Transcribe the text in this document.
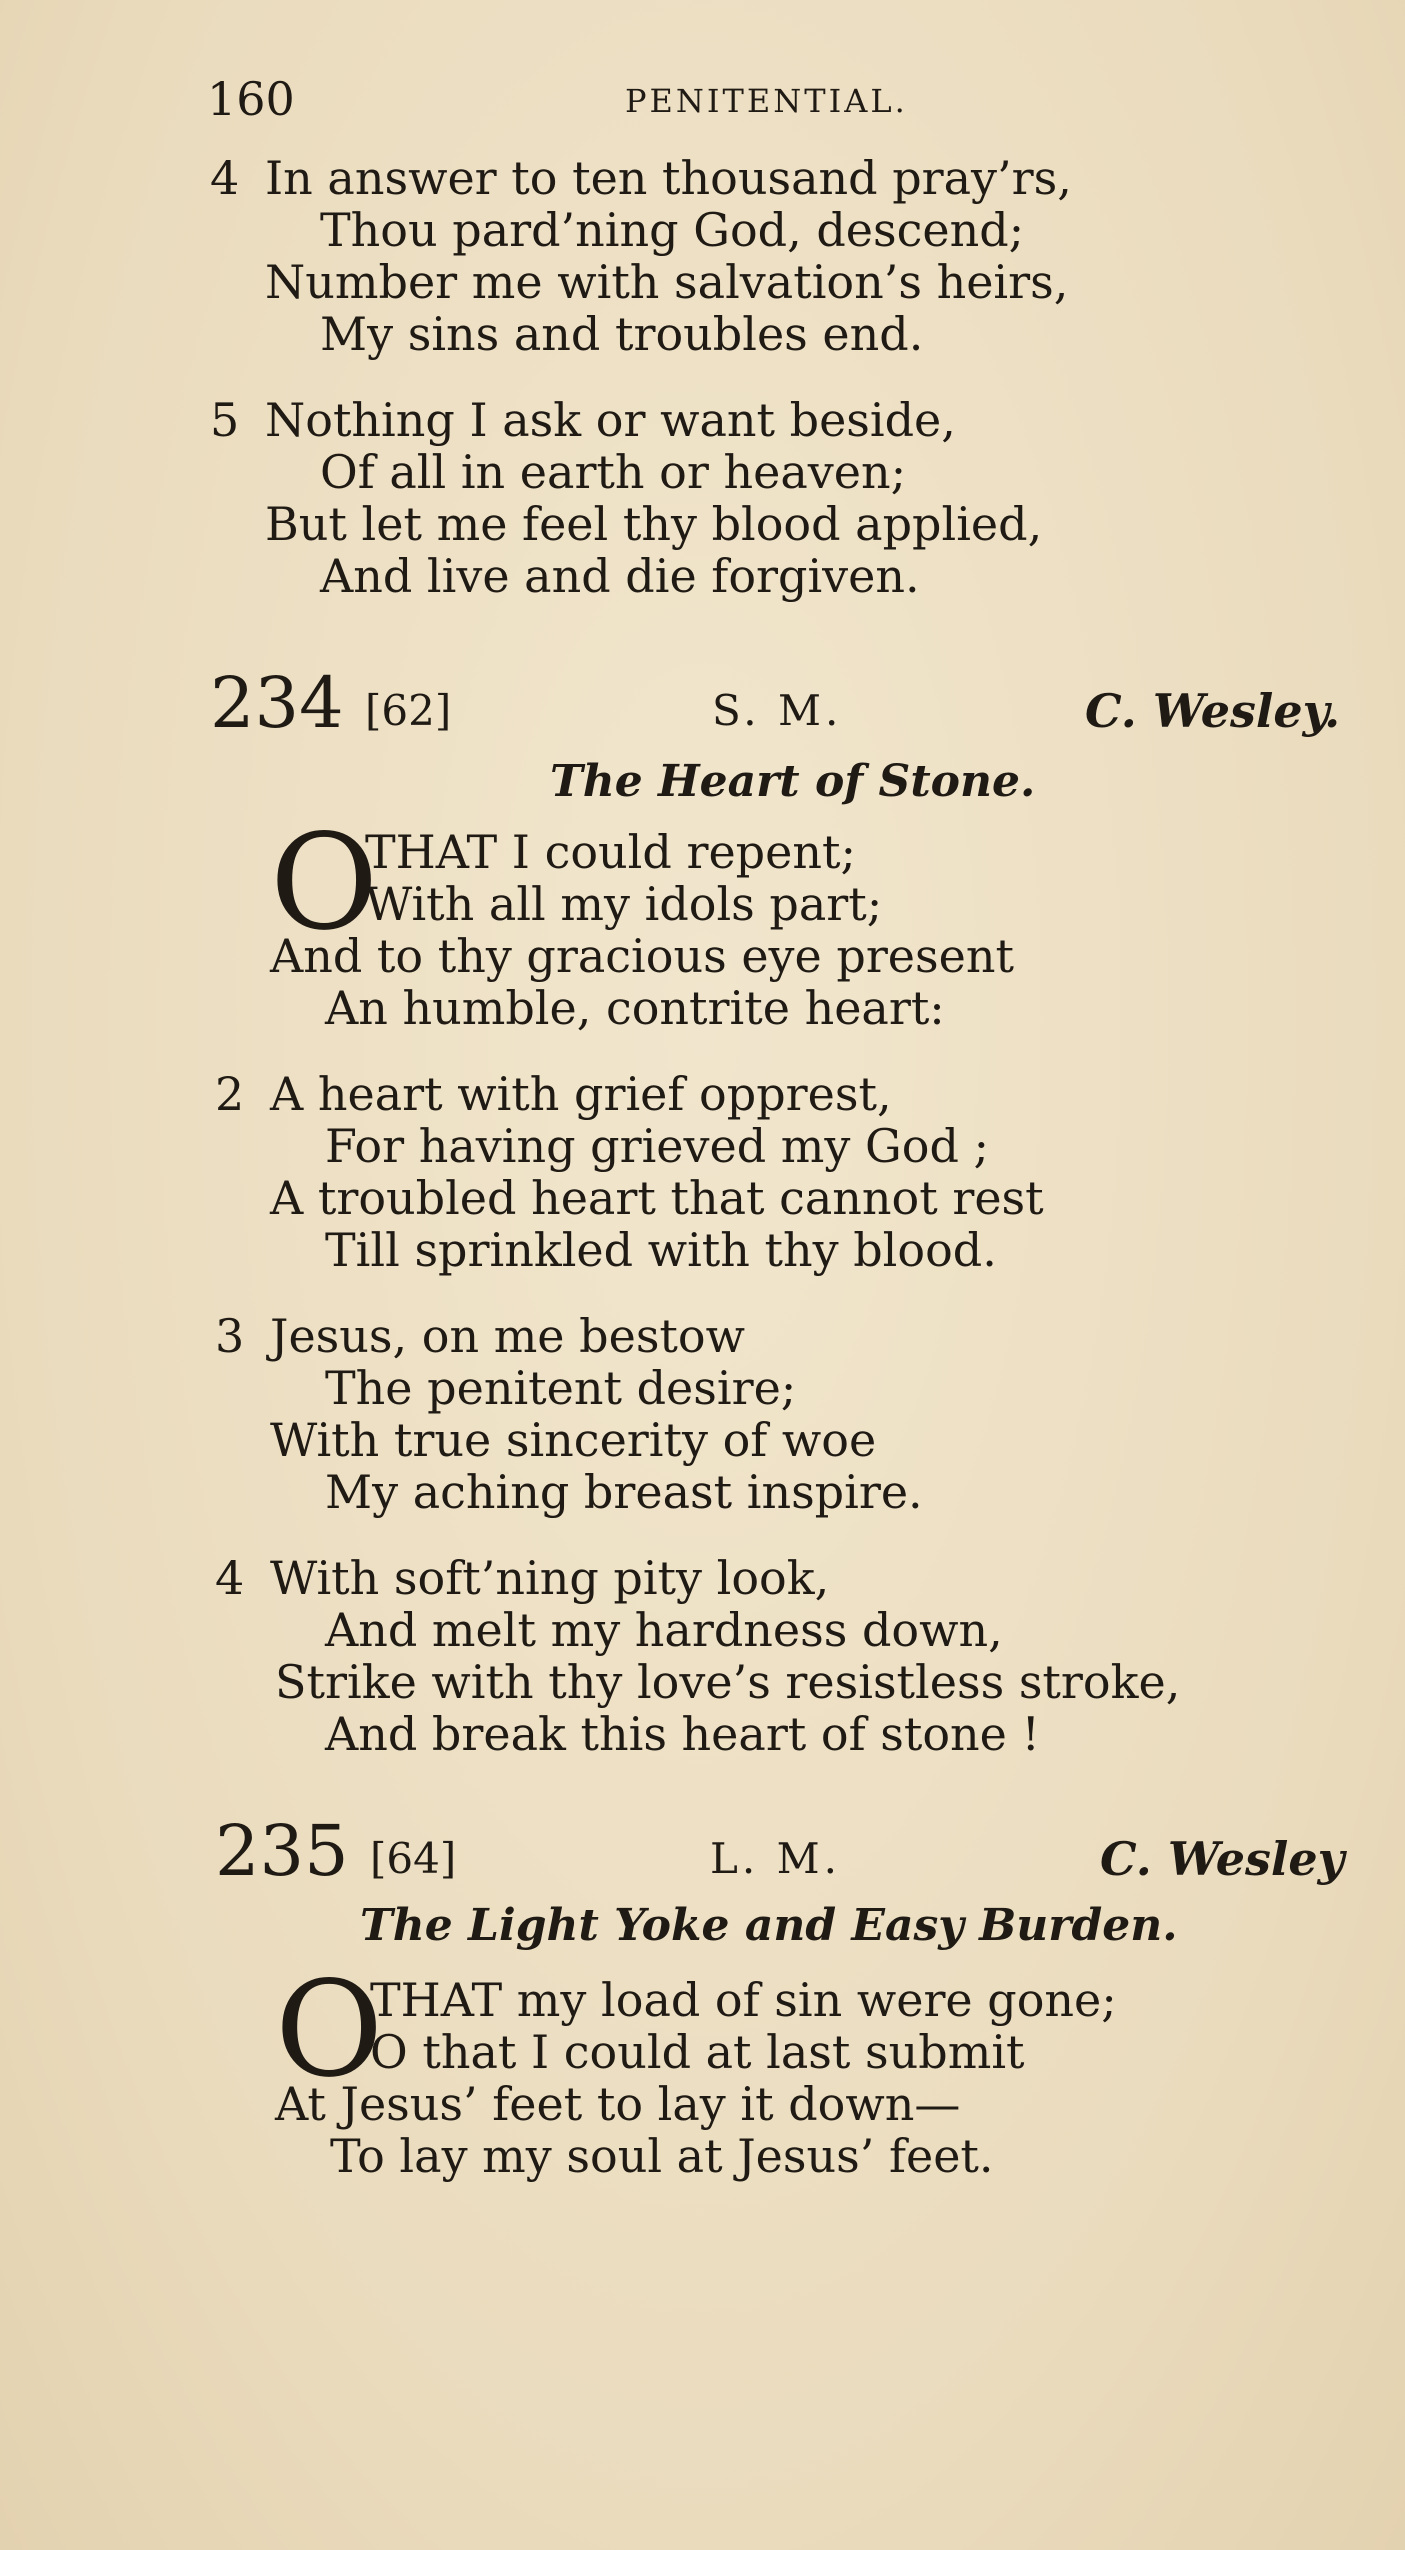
160	PENITENTIAL.
4 In answer to ten thousand pray’rs,
Thou pard’ning God, descend;
Number me with salvation’s heirs,
My sins and troubles end.
5 Nothing I ask or want beside,
Of all in earth or heaven;
But let me feel thy blood applied,
And live and die forgiven.
234 [62]	S. M.	C. Wesley.
The Heart of Stone.
O
THAT I could repent;
With all my idols part;
And to thy gracious eye present
An humble, contrite heart:
2 A heart with grief opprest,
For having grieved my God ;
A troubled heart that cannot rest
Till sprinkled with thy blood.
3 Jesus, on me bestow
The penitent desire;
With true sincerity of woe
My aching breast inspire.
4 With soft’ning pity look,
And melt my hardness down,
Strike with thy love’s resistless stroke,
And break this heart of stone !
235 [64]	L. M.	C. Wesley
The Light Yoke and Easy Burden.
O
THAT my load of sin were gone;
O that I could at last submit
At Jesus’ feet to lay it down—
To lay my soul at Jesus’ feet.
